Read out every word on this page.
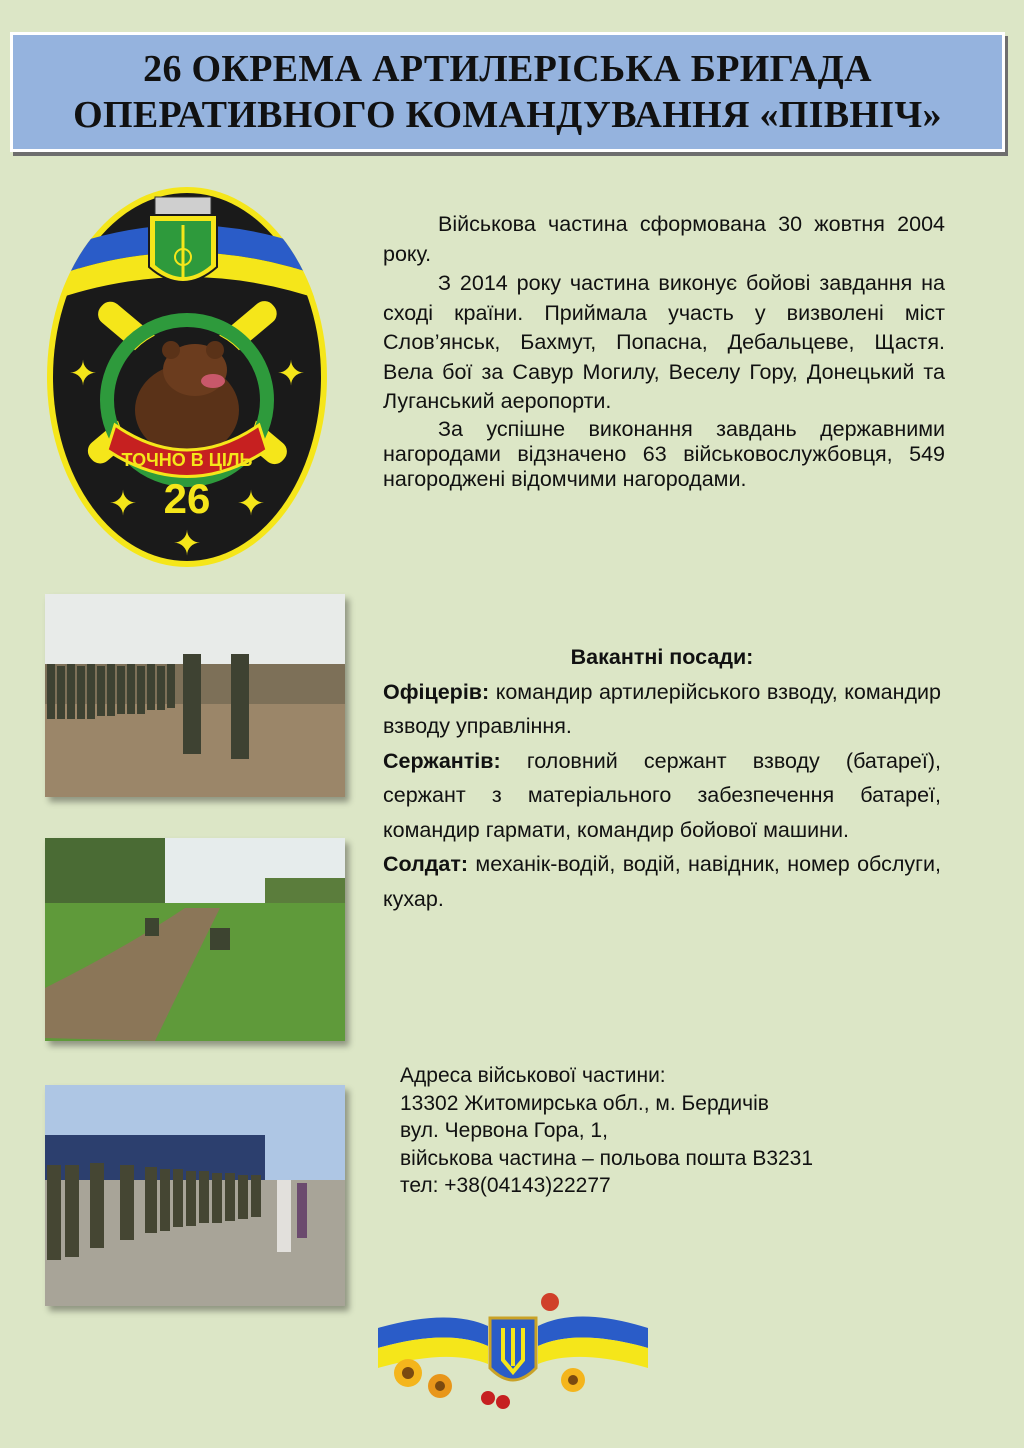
26 ОКРЕМА АРТИЛЕРІСЬКА БРИГАДА
ОПЕРАТИВНОГО КОМАНДУВАННЯ «ПІВНІЧ»
ТОЧНО В ЦІЛЬ
✦	✦
✦	✦
✦
26

Військова частина сформована 30 жовтня 2004 року.

З 2014 року частина виконує бойові завдання на сході країни. Приймала участь у визволені міст Слов’янськ, Бахмут, Попасна, Дебальцеве, Щастя. Вела бої за Савур Могилу, Веселу Гору, Донецький та Луганський аеропорти.

За успішне виконання завдань державними нагородами відзначено 63 військовослужбовця, 549 нагороджені відомчими нагородами.

Вакантні посади:

Офіцерів: командир артилерійського взводу, командир взводу управління.

Сержантів: головний сержант взводу (батареї), сержант з матеріального забезпечення батареї, командир гармати, командир бойової машини.

Солдат: механік-водій, водій, навідник, номер обслуги, кухар.

Адреса військової частини:
13302 Житомирська обл., м. Бердичів
вул. Червона Гора, 1,
військова частина – польова пошта В3231
тел: +38(04143)22277
